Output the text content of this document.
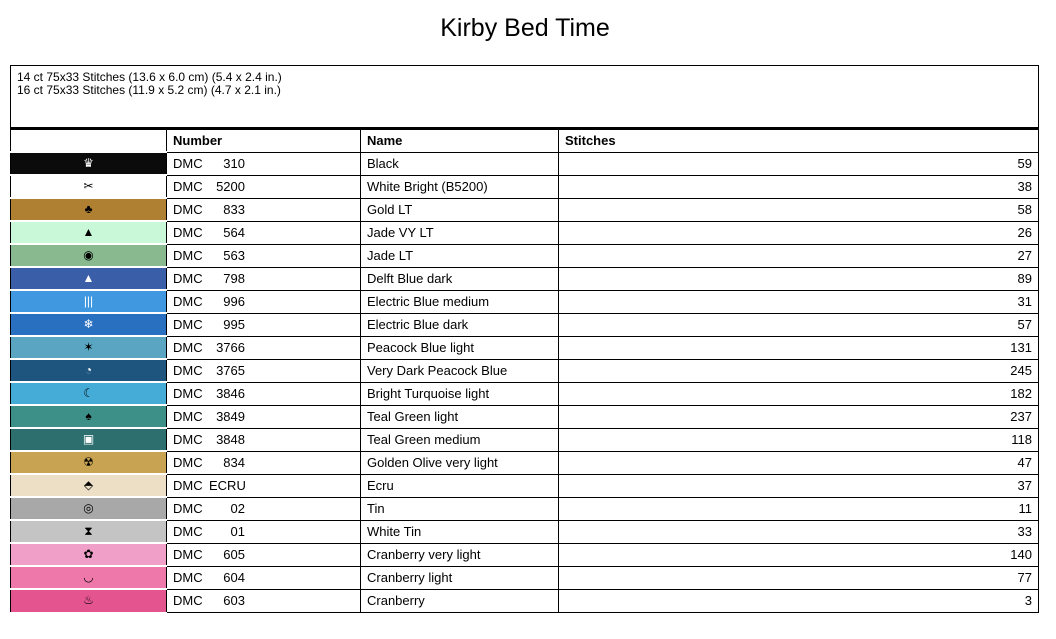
Kirby Bed Time
14 ct 75x33 Stitches (13.6 x 6.0 cm) (5.4 x 2.4 in.)
16 ct 75x33 Stitches (11.9 x 5.2 cm) (4.7 x 2.1 in.)
	Number	Name	Stitches

♛	DMC 310	Black	59

✂	DMC 5200	White Bright (B5200)	38

♣	DMC 833	Gold LT	58

▲	DMC 564	Jade VY LT	26

◉	DMC 563	Jade LT	27

▲	DMC 798	Delft Blue dark	89

|||	DMC 996	Electric Blue medium	31

❄	DMC 995	Electric Blue dark	57

✶	DMC 3766	Peacock Blue light	131

◔	DMC 3765	Very Dark Peacock Blue	245

☾	DMC 3846	Bright Turquoise light	182

♠	DMC 3849	Teal Green light	237

▣	DMC 3848	Teal Green medium	118

☢	DMC 834	Golden Olive very light	47

⬘	DMC ECRU	Ecru	37

◎	DMC 02	Tin	11

⧗	DMC 01	White Tin	33

✿	DMC 605	Cranberry very light	140

◡	DMC 604	Cranberry light	77

♨	DMC 603	Cranberry	3
